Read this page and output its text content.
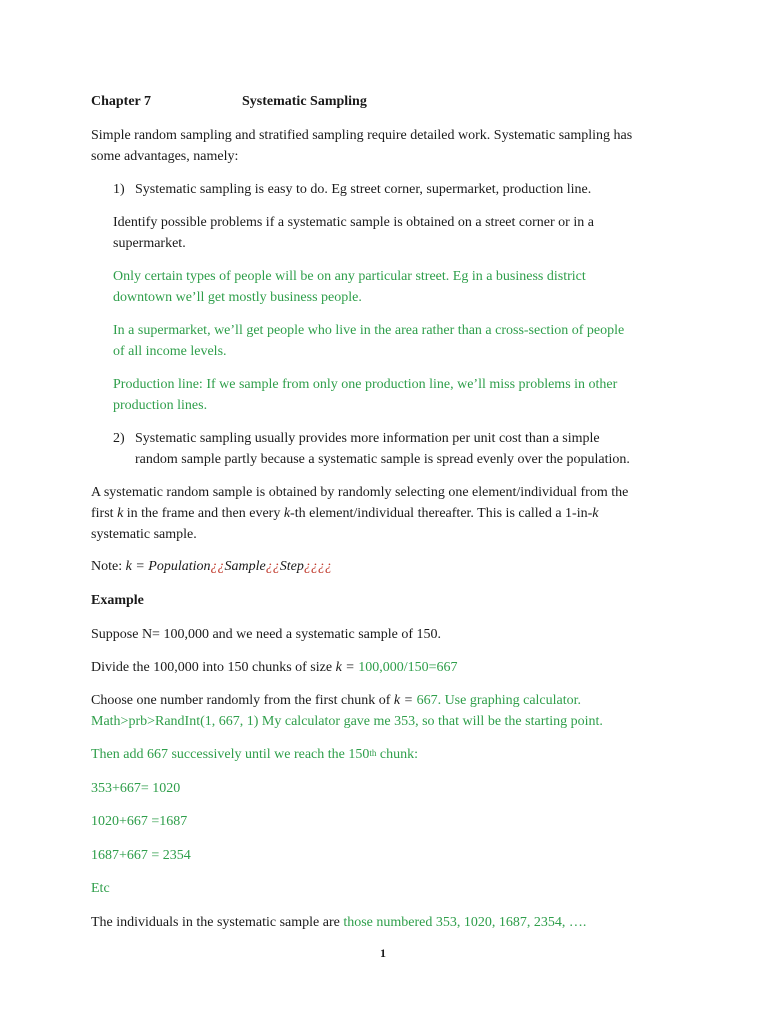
Chapter 7	Systematic Sampling
Simple random sampling and stratified sampling require detailed work. Systematic sampling has
some advantages, namely:
1) Systematic sampling is easy to do. Eg street corner, supermarket, production line.
Identify possible problems if a systematic sample is obtained on a street corner or in a
supermarket.
Only certain types of people will be on any particular street. Eg in a business district
downtown we’ll get mostly business people.
In a supermarket, we’ll get people who live in the area rather than a cross-section of people
of all income levels.
Production line: If we sample from only one production line, we’ll miss problems in other
production lines.
2) Systematic sampling usually provides more information per unit cost than a simple
random sample partly because a systematic sample is spread evenly over the population.
A systematic random sample is obtained by randomly selecting one element/individual from the
first k in the frame and then every k-th element/individual thereafter. This is called a 1-in-k
systematic sample.
Note: k = Population¿¿Sample¿¿Step¿¿¿¿
Example
Suppose N= 100,000 and we need a systematic sample of 150.
Divide the 100,000 into 150 chunks of size k = 100,000/150=667
Choose one number randomly from the first chunk of k = 667. Use graphing calculator.
Math>prb>RandInt(1, 667, 1) My calculator gave me 353, so that will be the starting point.
Then add 667 successively until we reach the 150th chunk:
353+667= 1020
1020+667 =1687
1687+667 = 2354
Etc
The individuals in the systematic sample are those numbered 353, 1020, 1687, 2354, ….
1
